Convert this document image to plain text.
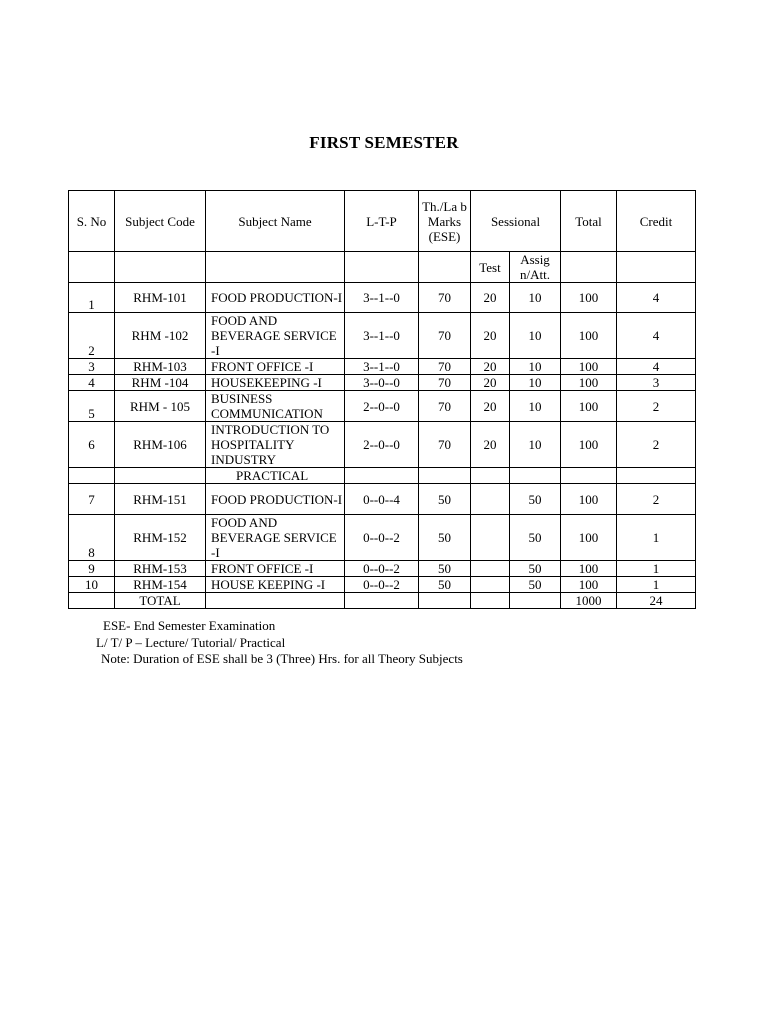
FIRST SEMESTER
S. No	Subject Code	Subject Name	L-T-P	Th./La b Marks (ESE)	Sessional		Total	Credit
					Test	Assig n/Att.		
1	RHM-101	FOOD PRODUCTION-I	3--1--0	70	20	10	100	4
2	RHM -102	FOOD AND BEVERAGE SERVICE -I	3--1--0	70	20	10	100	4
3	RHM-103	FRONT OFFICE -I	3--1--0	70	20	10	100	4
4	RHM -104	HOUSEKEEPING -I	3--0--0	70	20	10	100	3
5	RHM - 105	BUSINESS COMMUNICATION	2--0--0	70	20	10	100	2
6	RHM-106	INTRODUCTION TO HOSPITALITY INDUSTRY	2--0--0	70	20	10	100	2
		PRACTICAL						
7	RHM-151	FOOD PRODUCTION-I	0--0--4	50		50	100	2
8	RHM-152	FOOD AND BEVERAGE SERVICE -I	0--0--2	50		50	100	1
9	RHM-153	FRONT OFFICE -I	0--0--2	50		50	100	1
10	RHM-154	HOUSE KEEPING -I	0--0--2	50		50	100	1
	TOTAL						1000	24
ESE- End Semester Examination
L/ T/ P – Lecture/ Tutorial/ Practical
Note: Duration of ESE shall be 3 (Three) Hrs. for all Theory Subjects
